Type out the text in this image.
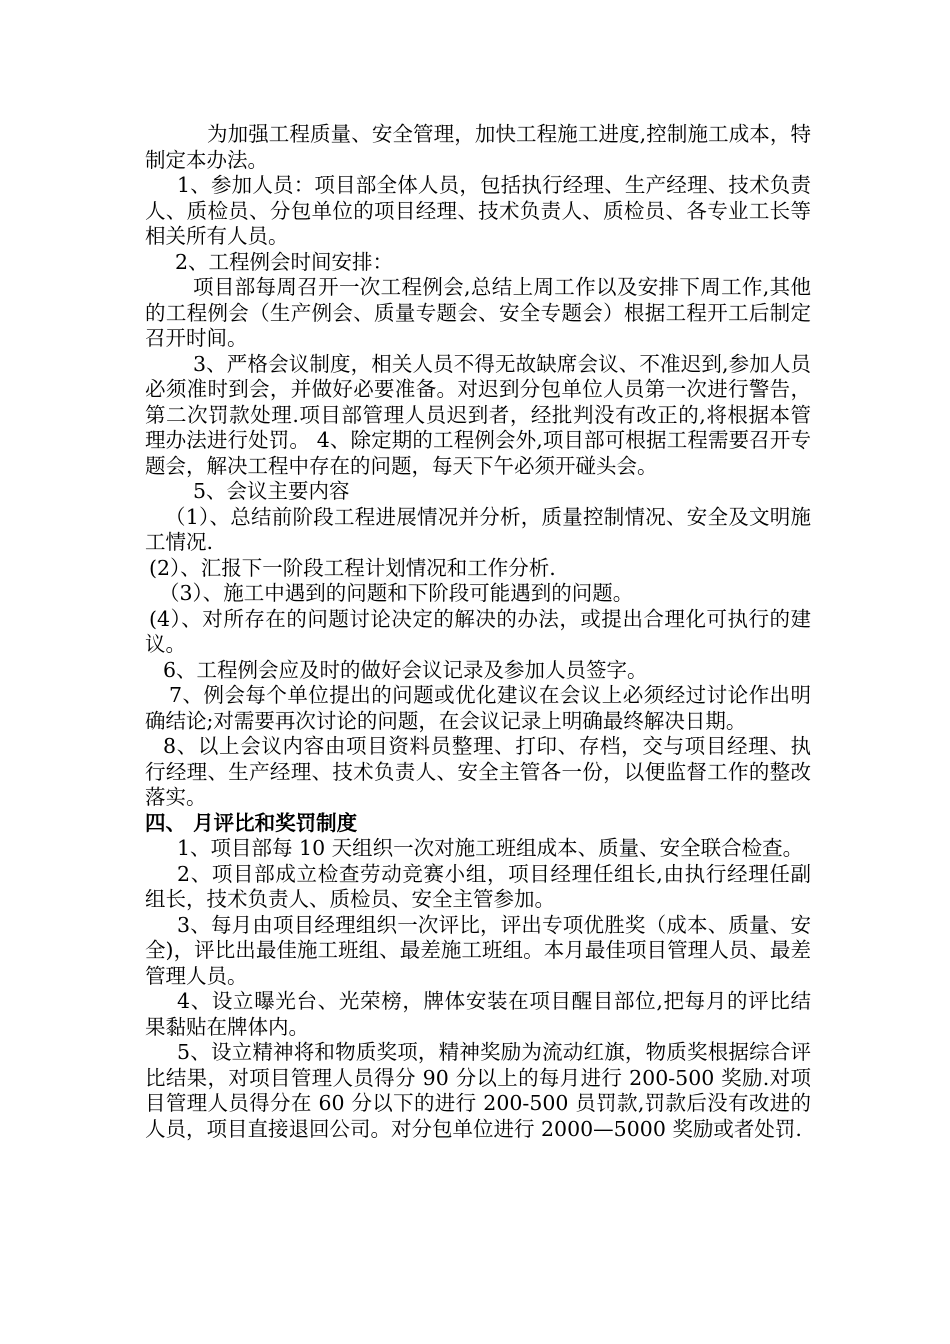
为加强工程质量、安全管理，加快工程施工进度,控制施工成本，特制定本办法。

1、参加人员：项目部全体人员，包括执行经理、生产经理、技术负责人、质检员、分包单位的项目经理、技术负责人、质检员、各专业工长等相关所有人员。

2、工程例会时间安排：

项目部每周召开一次工程例会,总结上周工作以及安排下周工作,其他的工程例会（生产例会、质量专题会、安全专题会）根据工程开工后制定召开时间。

3、严格会议制度，相关人员不得无故缺席会议、不准迟到,参加人员必须准时到会，并做好必要准备。对迟到分包单位人员第一次进行警告，第二次罚款处理.项目部管理人员迟到者，经批判没有改正的,将根据本管理办法进行处罚。 4、除定期的工程例会外,项目部可根据工程需要召开专题会，解决工程中存在的问题，每天下午必须开碰头会。

5、会议主要内容

（1）、总结前阶段工程进展情况并分析，质量控制情况、安全及文明施工情况.

(2）、汇报下一阶段工程计划情况和工作分析.

（3）、施工中遇到的问题和下阶段可能遇到的问题。

(4）、对所存在的问题讨论决定的解决的办法，或提出合理化可执行的建议。

6、工程例会应及时的做好会议记录及参加人员签字。

7、例会每个单位提出的问题或优化建议在会议上必须经过讨论作出明确结论;对需要再次讨论的问题，在会议记录上明确最终解决日期。

8、以上会议内容由项目资料员整理、打印、存档，交与项目经理、执行经理、生产经理、技术负责人、安全主管各一份，以便监督工作的整改落实。

四、 月评比和奖罚制度

1、项目部每 10 天组织一次对施工班组成本、质量、安全联合检查。

2、项目部成立检查劳动竞赛小组，项目经理任组长,由执行经理任副组长，技术负责人、质检员、安全主管参加。

3、每月由项目经理组织一次评比，评出专项优胜奖（成本、质量、安全)，评比出最佳施工班组、最差施工班组。本月最佳项目管理人员、最差管理人员。

4、设立曝光台、光荣榜，牌体安装在项目醒目部位,把每月的评比结果黏贴在牌体内。

5、设立精神将和物质奖项，精神奖励为流动红旗，物质奖根据综合评比结果，对项目管理人员得分 90 分以上的每月进行 200-500 奖励.对项目管理人员得分在 60 分以下的进行 200-500 员罚款,罚款后没有改进的人员，项目直接退回公司。对分包单位进行 2000—5000 奖励或者处罚.
